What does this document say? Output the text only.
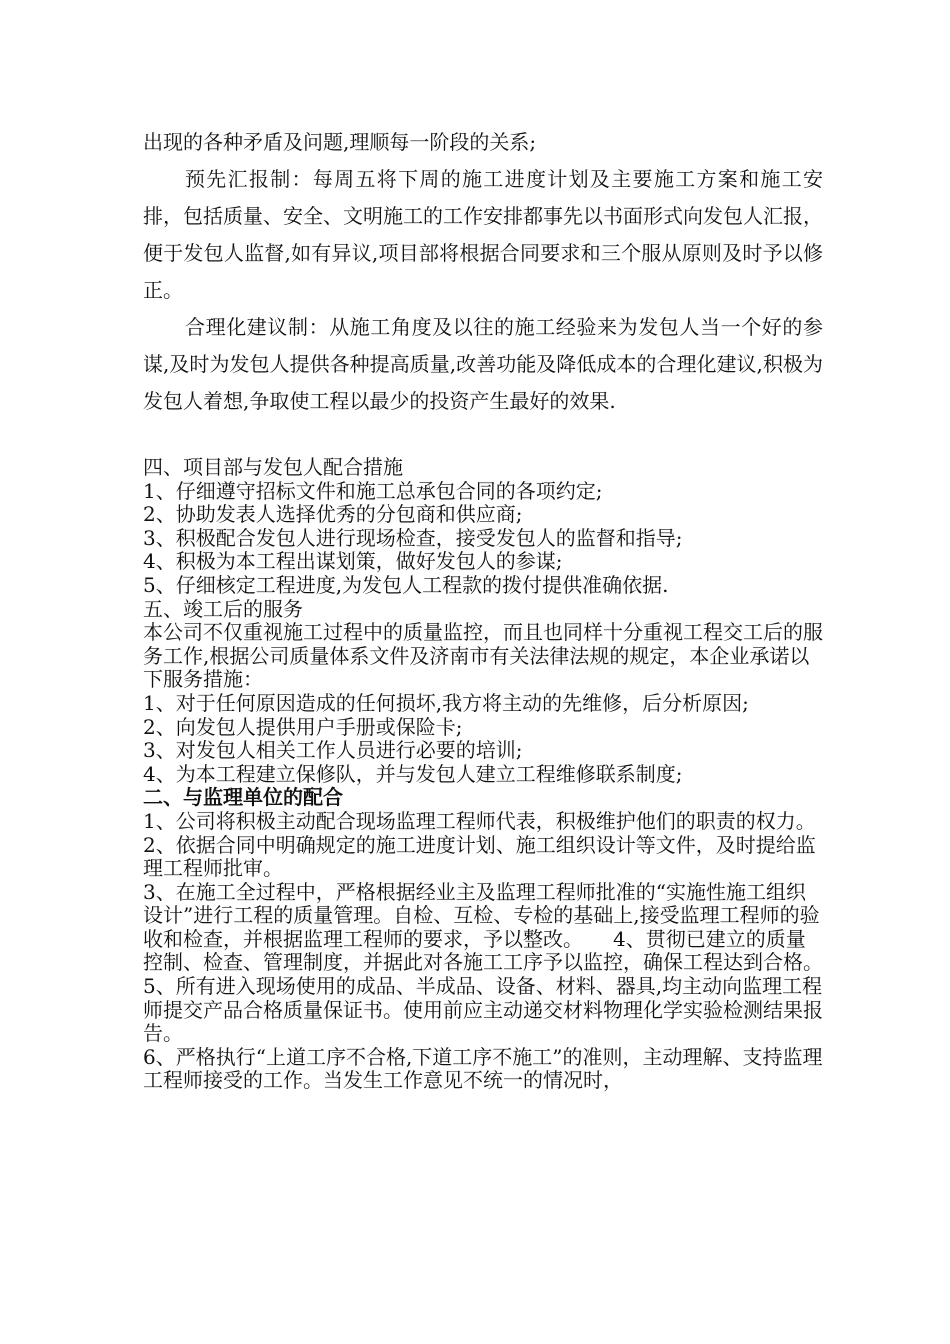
出现的各种矛盾及问题,理顺每一阶段的关系;

预先汇报制：每周五将下周的施工进度计划及主要施工方案和施工安排，包括质量、安全、文明施工的工作安排都事先以书面形式向发包人汇报，便于发包人监督,如有异议,项目部将根据合同要求和三个服从原则及时予以修正。

合理化建议制：从施工角度及以往的施工经验来为发包人当一个好的参谋,及时为发包人提供各种提高质量,改善功能及降低成本的合理化建议,积极为发包人着想,争取使工程以最少的投资产生最好的效果.

四、项目部与发包人配合措施

1、仔细遵守招标文件和施工总承包合同的各项约定;

2、协助发表人选择优秀的分包商和供应商;

3、积极配合发包人进行现场检查，接受发包人的监督和指导;

4、积极为本工程出谋划策，做好发包人的参谋;

5、仔细核定工程进度,为发包人工程款的拨付提供准确依据.

五、竣工后的服务

本公司不仅重视施工过程中的质量监控，而且也同样十分重视工程交工后的服务工作,根据公司质量体系文件及济南市有关法律法规的规定，本企业承诺以下服务措施：

1、对于任何原因造成的任何损坏,我方将主动的先维修，后分析原因;

2、向发包人提供用户手册或保险卡;

3、对发包人相关工作人员进行必要的培训;

4、为本工程建立保修队，并与发包人建立工程维修联系制度;

二、与监理单位的配合

1、公司将积极主动配合现场监理工程师代表，积极维护他们的职责的权力。

2、依据合同中明确规定的施工进度计划、施工组织设计等文件，及时提给监理工程师批审。

3、在施工全过程中，严格根据经业主及监理工程师批准的“实施性施工组织设计”进行工程的质量管理。自检、互检、专检的基础上,接受监理工程师的验收和检查，并根据监理工程师的要求，予以整改。　　4、贯彻已建立的质量控制、检查、管理制度，并据此对各施工工序予以监控，确保工程达到合格。

5、所有进入现场使用的成品、半成品、设备、材料、器具,均主动向监理工程师提交产品合格质量保证书。使用前应主动递交材料物理化学实验检测结果报告。

6、严格执行“上道工序不合格,下道工序不施工”的准则，主动理解、支持监理工程师接受的工作。当发生工作意见不统一的情况时，
